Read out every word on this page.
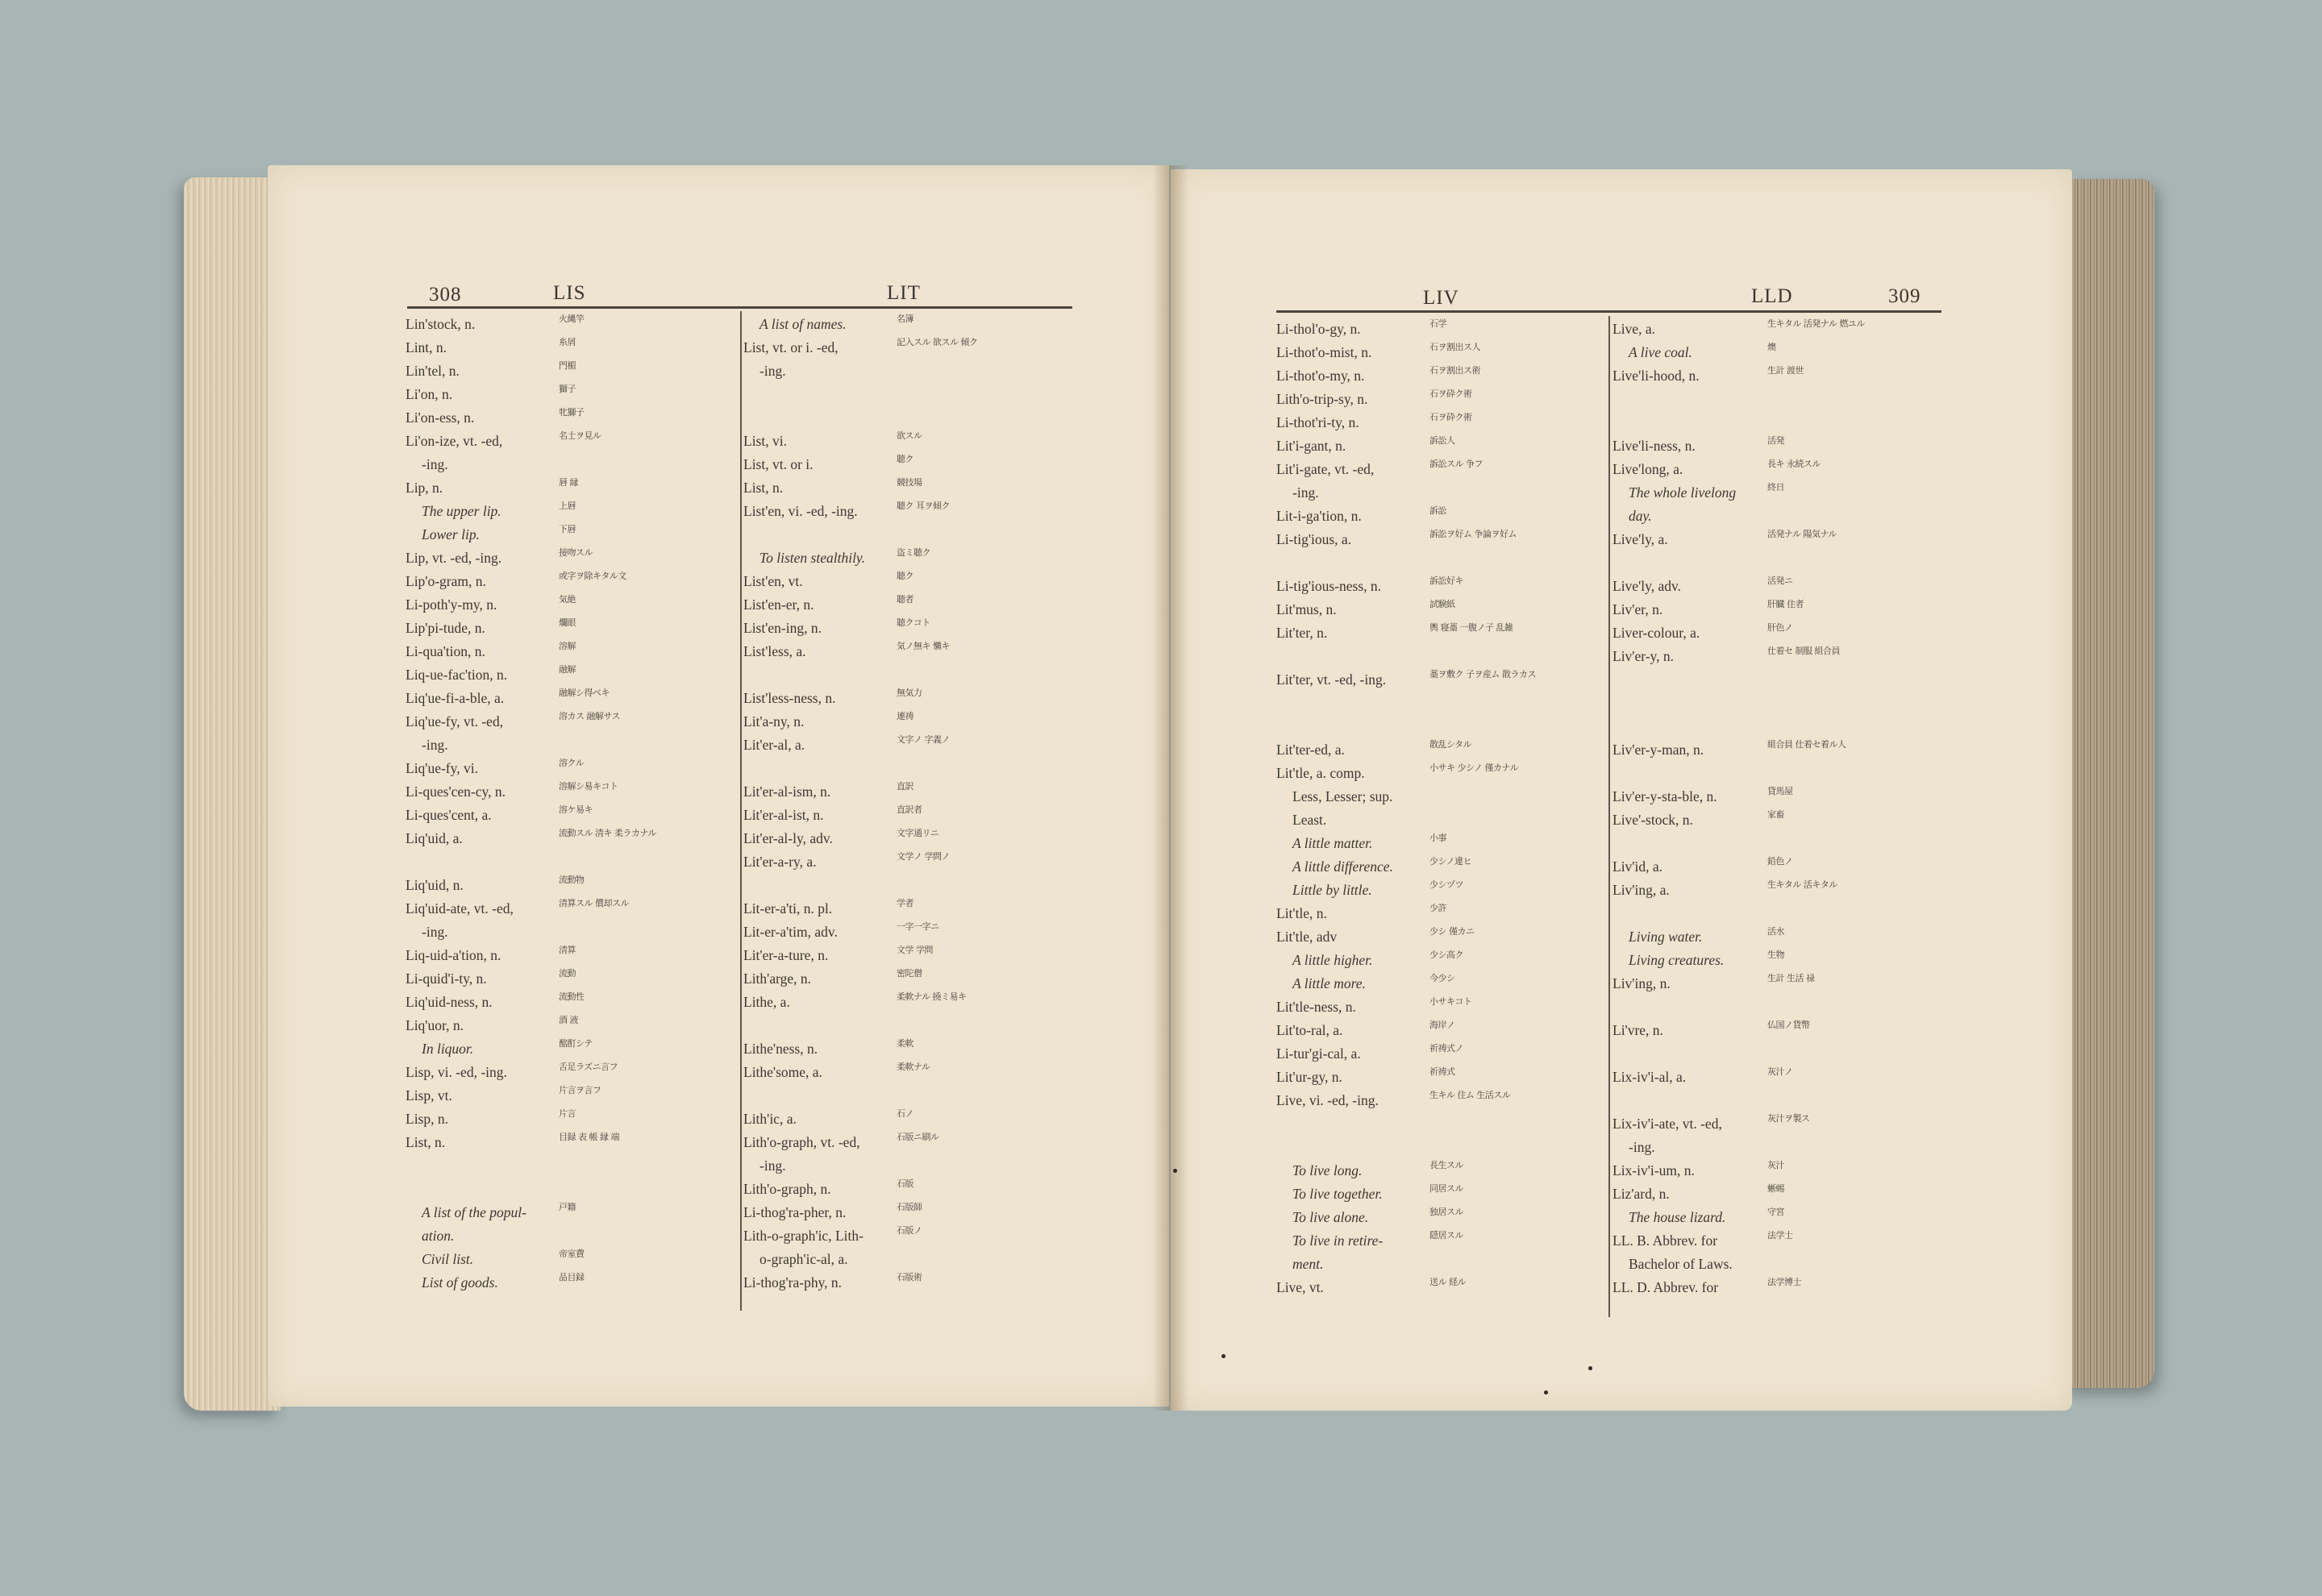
308	LIS	LIT	LIV	LLD	309
Lin'stock, n.	火縄竿
Lint, n.	糸屑
Lin'tel, n.	門楣
Li'on, n.	獅子
Li'on-ess, n.	牝獅子
Li'on-ize, vt. -ed,	名士ヲ見ル
-ing.
Lip, n.	唇 縁
The upper lip.	上唇
Lower lip.	下唇
Lip, vt. -ed, -ing.	接吻スル
Lip'o-gram, n.	或字ヲ除キタル文
Li-poth'y-my, n.	気絶
Lip'pi-tude, n.	爛眼
Li-qua'tion, n.	溶解
Liq-ue-fac'tion, n.	融解
Liq'ue-fi-a-ble, a.	融解シ得ベキ
Liq'ue-fy, vt. -ed,	溶カス 融解サス
-ing.
Liq'ue-fy, vi.	溶クル
Li-ques'cen-cy, n.	溶解シ易キコト
Li-ques'cent, a.	溶ケ易キ
Liq'uid, a.	流動スル 清キ 柔ラカナル
Liq'uid, n.	流動物
Liq'uid-ate, vt. -ed,	清算スル 償却スル
-ing.
Liq-uid-a'tion, n.	清算
Li-quid'i-ty, n.	流動
Liq'uid-ness, n.	流動性
Liq'uor, n.	酒 液
In liquor.	酩酊シテ
Lisp, vi. -ed, -ing.	舌足ラズニ言フ
Lisp, vt.	片言ヲ言フ
Lisp, n.	片言
List, n.	目録 表 帳 縁 端
A list of the popul-	戸籍
ation.
Civil list.	帝室費
List of goods.	品目録
A list of names.	名簿
List, vt. or i. -ed,	記入スル 欲スル 傾ク
-ing.
List, vi.	欲スル
List, vt. or i.	聴ク
List, n.	競技場
List'en, vi. -ed, -ing.	聴ク 耳ヲ傾ク
To listen stealthily.	盗ミ聴ク
List'en, vt.	聴ク
List'en-er, n.	聴者
List'en-ing, n.	聴クコト
List'less, a.	気ノ無キ 懶キ
List'less-ness, n.	無気力
Lit'a-ny, n.	連祷
Lit'er-al, a.	文字ノ 字義ノ
Lit'er-al-ism, n.	直訳
Lit'er-al-ist, n.	直訳者
Lit'er-al-ly, adv.	文字通リニ
Lit'er-a-ry, a.	文学ノ 学問ノ
Lit-er-a'ti, n. pl.	学者
Lit-er-a'tim, adv.	一字一字ニ
Lit'er-a-ture, n.	文学 学問
Lith'arge, n.	密陀僧
Lithe, a.	柔軟ナル 撓ミ易キ
Lithe'ness, n.	柔軟
Lithe'some, a.	柔軟ナル
Lith'ic, a.	石ノ
Lith'o-graph, vt. -ed,	石版ニ刷ル
-ing.
Lith'o-graph, n.	石版
Li-thog'ra-pher, n.	石版師
Lith-o-graph'ic, Lith-	石版ノ
o-graph'ic-al, a.
Li-thog'ra-phy, n.	石版術
Li-thol'o-gy, n.	石学
Li-thot'o-mist, n.	石ヲ割出ス人
Li-thot'o-my, n.	石ヲ割出ス術
Lith'o-trip-sy, n.	石ヲ砕ク術
Li-thot'ri-ty, n.	石ヲ砕ク術
Lit'i-gant, n.	訴訟人
Lit'i-gate, vt. -ed,	訴訟スル 争フ
-ing.
Lit-i-ga'tion, n.	訴訟
Li-tig'ious, a.	訴訟ヲ好ム 争論ヲ好ム
Li-tig'ious-ness, n.	訴訟好キ
Lit'mus, n.	試験紙
Lit'ter, n.	輿 寝藁 一腹ノ子 乱雑
Lit'ter, vt. -ed, -ing.	藁ヲ敷ク 子ヲ産ム 散ラカス
Lit'ter-ed, a.	散乱シタル
Lit'tle, a. comp.	小サキ 少シノ 僅カナル
Less, Lesser; sup.
Least.
A little matter.	小事
A little difference.	少シノ違ヒ
Little by little.	少シヅツ
Lit'tle, n.	少許
Lit'tle, adv	少シ 僅カニ
A little higher.	少シ高ク
A little more.	今少シ
Lit'tle-ness, n.	小サキコト
Lit'to-ral, a.	海岸ノ
Li-tur'gi-cal, a.	祈祷式ノ
Lit'ur-gy, n.	祈祷式
Live, vi. -ed, -ing.	生キル 住ム 生活スル
To live long.	長生スル
To live together.	同居スル
To live alone.	独居スル
To live in retire-	隠居スル
ment.
Live, vt.	送ル 経ル
Live, a.	生キタル 活発ナル 燃ユル
A live coal.	燠
Live'li-hood, n.	生計 渡世
Live'li-ness, n.	活発
Live'long, a.	長キ 永続スル
The whole livelong	終日
day.
Live'ly, a.	活発ナル 陽気ナル
Live'ly, adv.	活発ニ
Liv'er, n.	肝臓 住者
Liver-colour, a.	肝色ノ
Liv'er-y, n.	仕着セ 制服 組合員
Liv'er-y-man, n.	組合員 仕着セ着ル人
Liv'er-y-sta-ble, n.	貸馬屋
Live'-stock, n.	家畜
Liv'id, a.	鉛色ノ
Liv'ing, a.	生キタル 活キタル
Living water.	活水
Living creatures.	生物
Liv'ing, n.	生計 生活 禄
Li'vre, n.	仏国ノ貨幣
Lix-iv'i-al, a.	灰汁ノ
Lix-iv'i-ate, vt. -ed,	灰汁ヲ製ス
-ing.
Lix-iv'i-um, n.	灰汁
Liz'ard, n.	蜥蜴
The house lizard.	守宮
LL. B. Abbrev. for	法学士
Bachelor of Laws.
LL. D. Abbrev. for	法学博士
